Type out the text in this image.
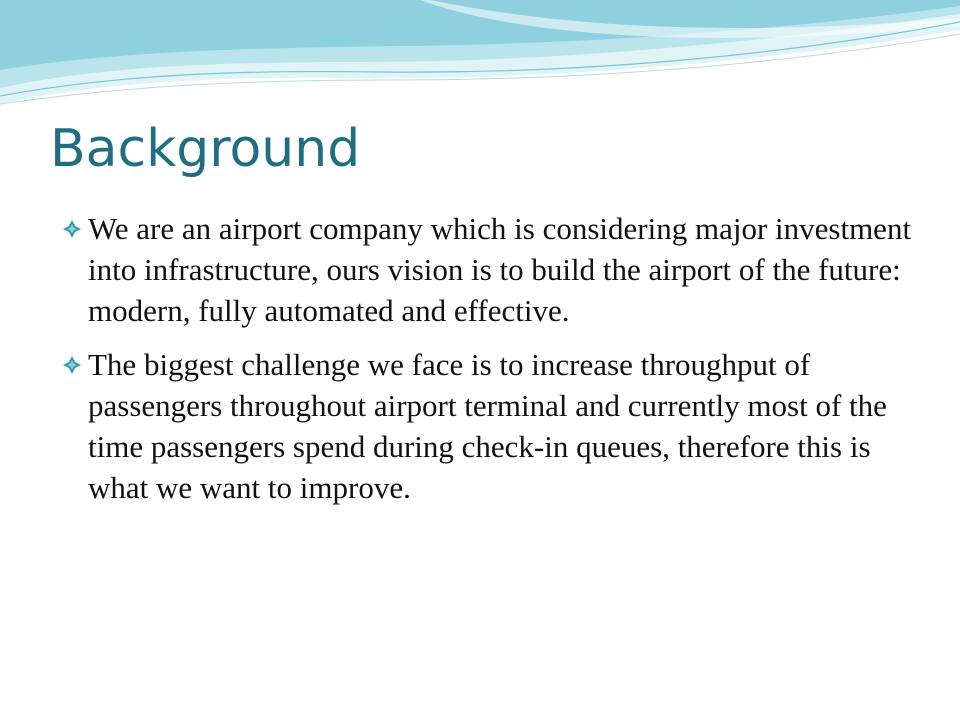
Background
We are an airport company which is considering major investment into infrastructure, ours vision is to build the airport of the future: modern, fully automated and effective.
The biggest challenge we face is to increase throughput of passengers throughout airport terminal and currently most of the time passengers spend during check-in queues, therefore this is what we want to improve.
